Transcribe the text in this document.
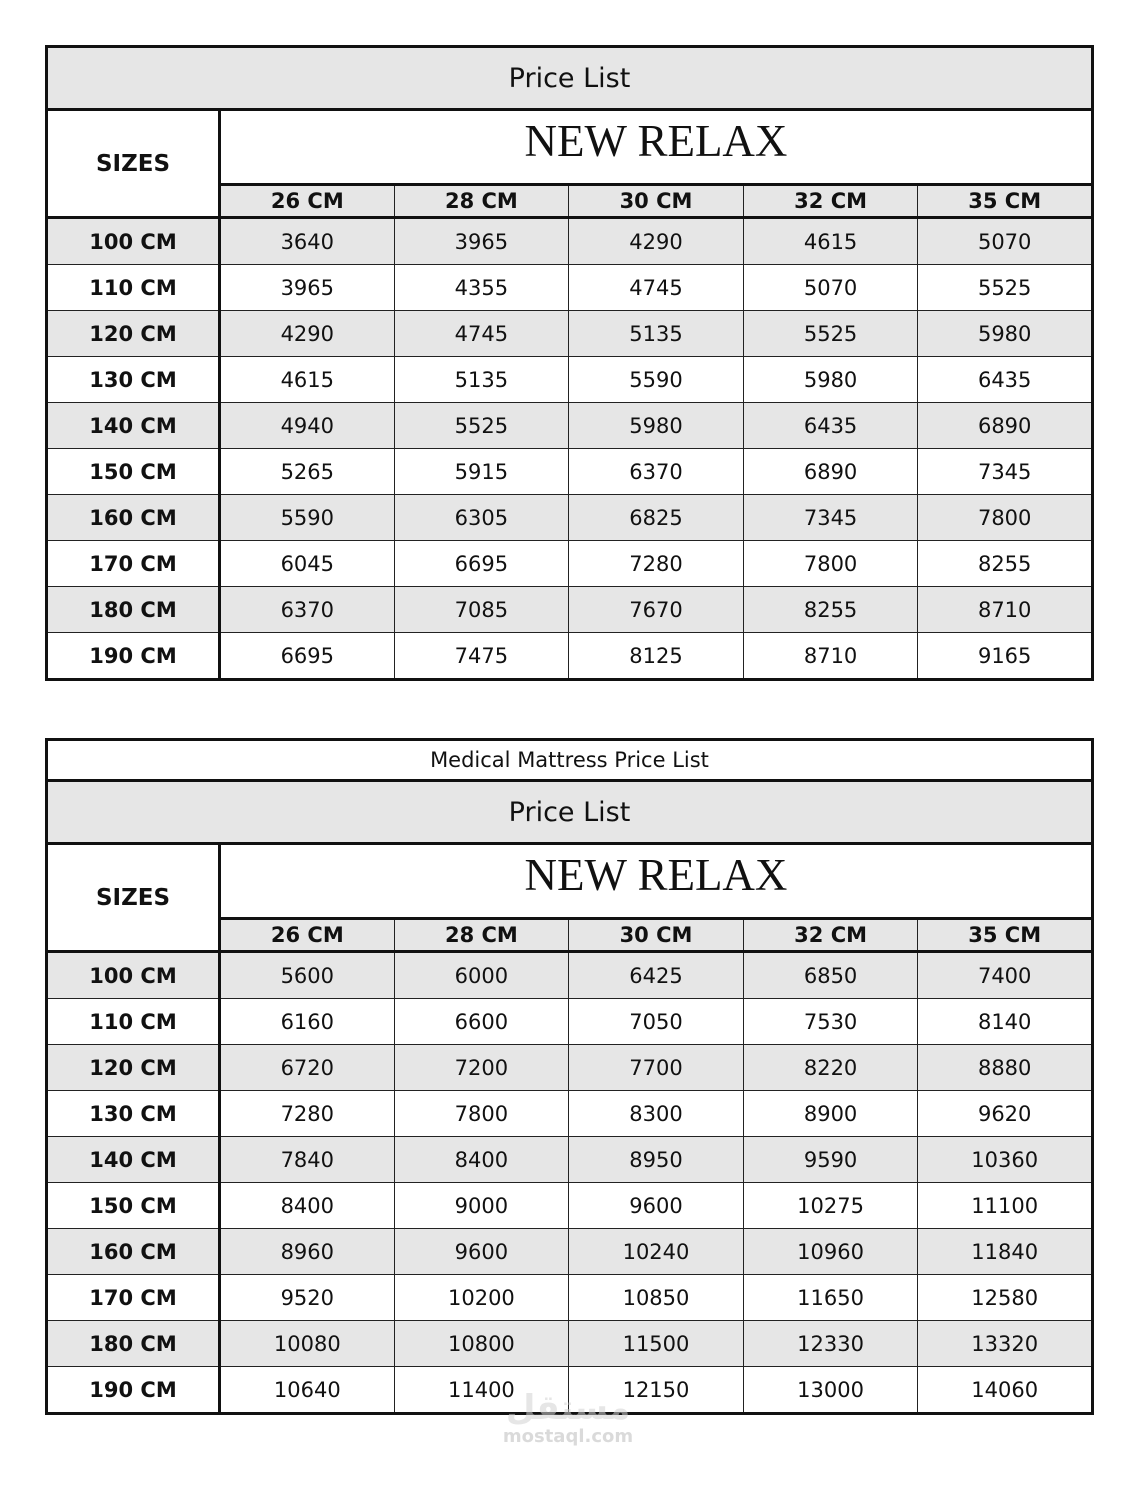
Price List					
SIZES	NEW RELAX				
	26 CM	28 CM	30 CM	32 CM	35 CM
100 CM	3640	3965	4290	4615	5070
110 CM	3965	4355	4745	5070	5525
120 CM	4290	4745	5135	5525	5980
130 CM	4615	5135	5590	5980	6435
140 CM	4940	5525	5980	6435	6890
150 CM	5265	5915	6370	6890	7345
160 CM	5590	6305	6825	7345	7800
170 CM	6045	6695	7280	7800	8255
180 CM	6370	7085	7670	8255	8710
190 CM	6695	7475	8125	8710	9165
Medical Mattress Price List					
Price List					
SIZES	NEW RELAX				
	26 CM	28 CM	30 CM	32 CM	35 CM
100 CM	5600	6000	6425	6850	7400
110 CM	6160	6600	7050	7530	8140
120 CM	6720	7200	7700	8220	8880
130 CM	7280	7800	8300	8900	9620
140 CM	7840	8400	8950	9590	10360
150 CM	8400	9000	9600	10275	11100
160 CM	8960	9600	10240	10960	11840
170 CM	9520	10200	10850	11650	12580
180 CM	10080	10800	11500	12330	13320
190 CM	10640	11400	12150	13000	14060
مستقل
mostaql.com
